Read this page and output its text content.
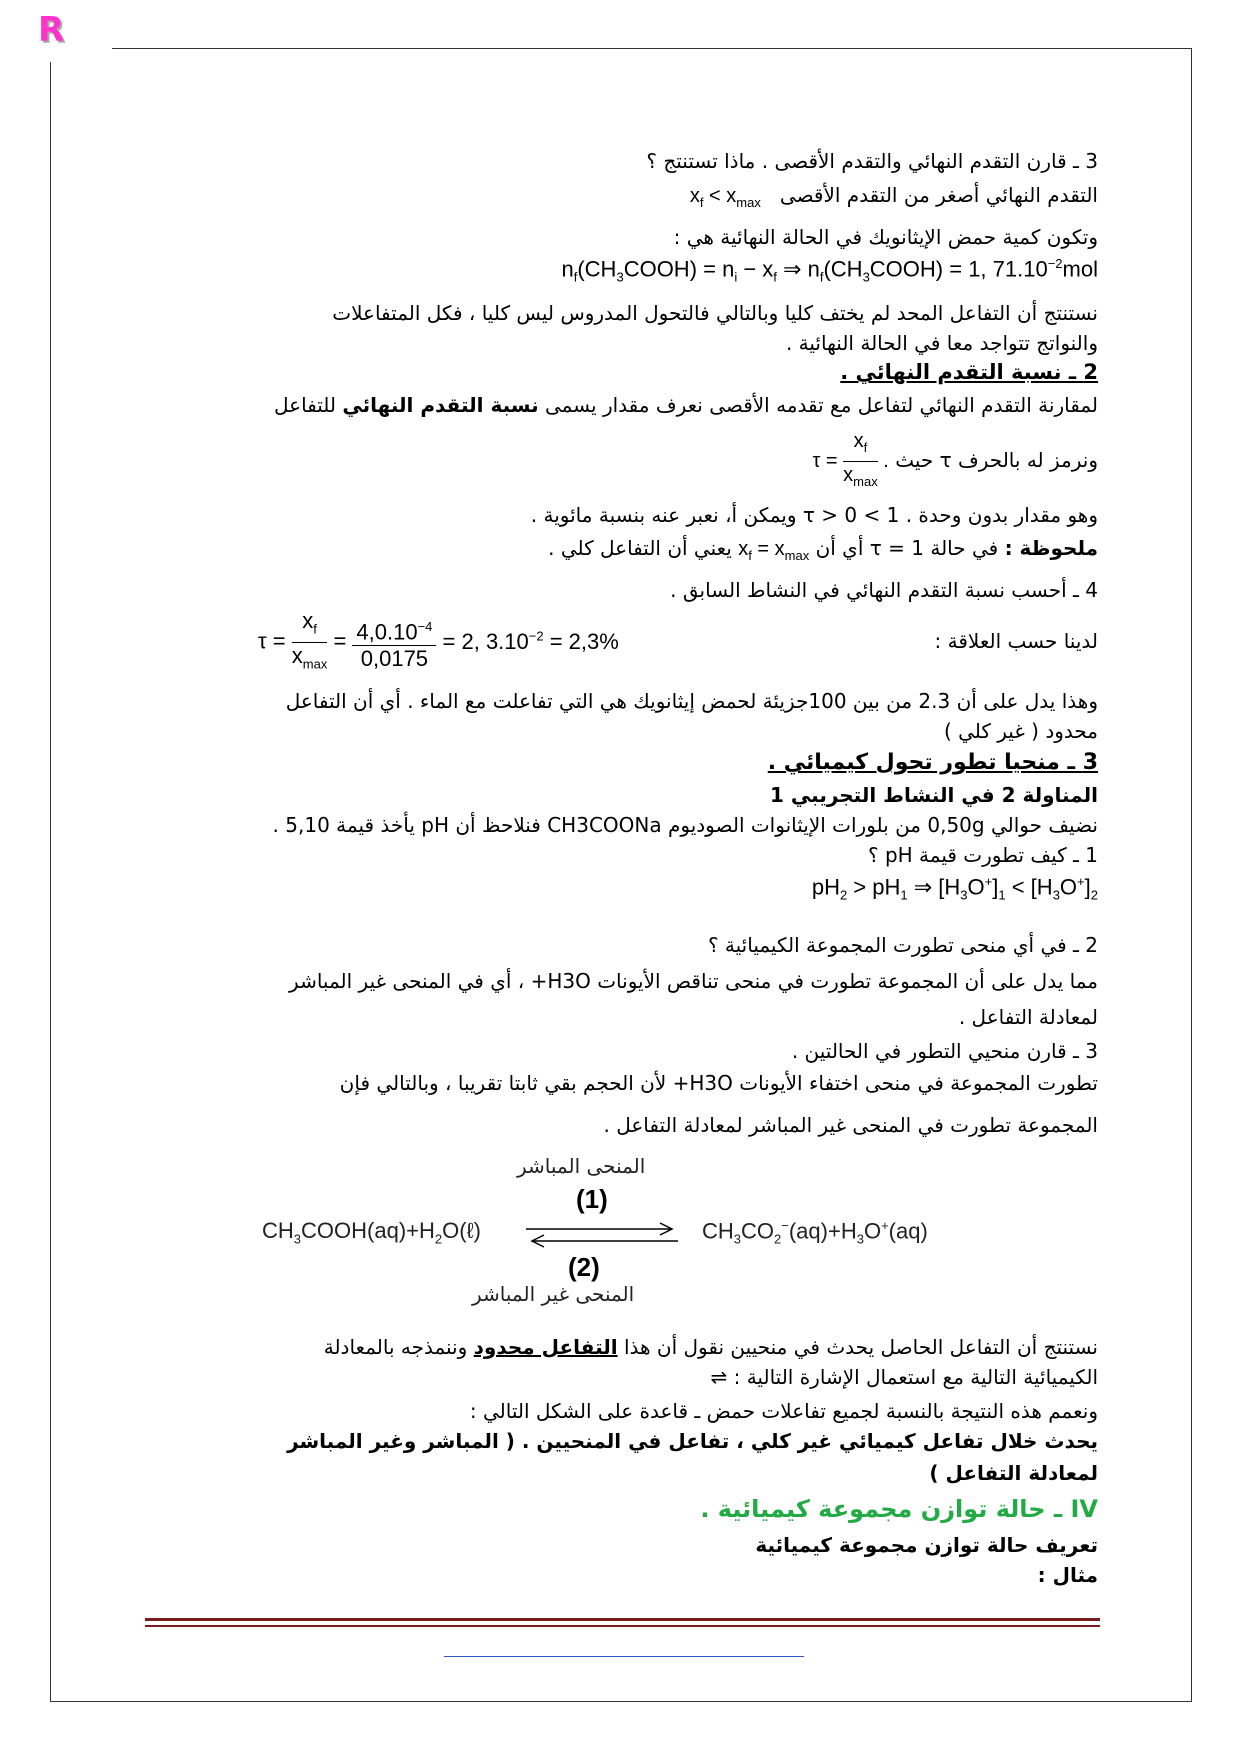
R
3 ـ قارن التقدم النهائي والتقدم الأقصى . ماذا تستنتج ؟
التقدم النهائي أصغر من التقدم الأقصى   $x_f < x_{max}$
وتكون كمية حمض الإيثانويك في الحالة النهائية هي :
$n_f(CH_3COOH) = n_i - x_f$ ⇒ $n_f(CH_3COOH) = 1$, $71.10^{-2}mol$
نستنتج أن التفاعل المحد لم يختف كليا وبالتالي فالتحول المدروس ليس كليا ، فكل المتفاعلات
والنواتج تتواجد معا في الحالة النهائية .
2 ـ نسبة التقدم النهائي .
لمقارنة التقدم النهائي لتفاعل مع تقدمه الأقصى نعرف مقدار يسمى نسبة التقدم النهائي للتفاعل
ونرمز له بالحرف τ حيث $\tau = \frac{x_f}{x_{max}}$ .
وهو مقدار بدون وحدة . 1 > τ > 0 ويمكن أ، نعبر عنه بنسبة مائوية .
ملحوظة : في حالة τ = 1 أي أن $x_f = x_{max}$ يعني أن التفاعل كلي .
4 ـ أحسب نسبة التقدم النهائي في النشاط السابق .
لدينا حسب العلاقة :
$\tau = \frac{x_f}{x_{max}} = \frac{4,0.10^{-4}}{0,0175} = 2$, $3.10^{-2} = 2,3\%$
وهذا يدل على أن 2.3 من بين 100جزيئة لحمض إيثانويك هي التي تفاعلت مع الماء . أي أن التفاعل
محدود ( غير كلي )
3 ـ منحيا تطور تحول كيميائي .
المناولة 2 في النشاط التجريبي 1
نضيف حوالي 0,50g من بلورات الإيثانوات الصوديوم CH3COONa فنلاحظ أن pH يأخذ قيمة 5,10 .
1 ـ كيف تطورت قيمة pH ؟
$pH_2 > pH_1$ ⇒ $[H_3O^+]_1 < [H_3O^+]_2$
2 ـ في أي منحى تطورت المجموعة الكيميائية ؟
مما يدل على أن المجموعة تطورت في منحى تناقص الأيونات H3O+ ، أي في المنحى غير المباشر
لمعادلة التفاعل .
3 ـ قارن منحيي التطور في الحالتين .
تطورت المجموعة في منحى اختفاء الأيونات H3O+ لأن الحجم بقي ثابتا تقريبا ، وبالتالي فإن
المجموعة تطورت في المنحى غير المباشر لمعادلة التفاعل .
المنحى المباشر
(1)
$CH_3COOH(aq)+H_2O(\ell)$	$CH_3CO_2^-(aq)+H_3O^+(aq)$
(2)
المنحى غير المباشر
نستنتج أن التفاعل الحاصل يحدث في منحيين نقول أن هذا التفاعل محدود وننمذجه بالمعادلة
الكيميائية التالية مع استعمال الإشارة التالية : ⇌
ونعمم هذه النتيجة بالنسبة لجميع تفاعلات حمض ـ قاعدة على الشكل التالي :
يحدث خلال تفاعل كيميائي غير كلي ، تفاعل في المنحيين . ( المباشر وغير المباشر
لمعادلة التفاعل )
IV ـ حالة توازن مجموعة كيميائية .
تعريف حالة توازن مجموعة كيميائية
مثال :
